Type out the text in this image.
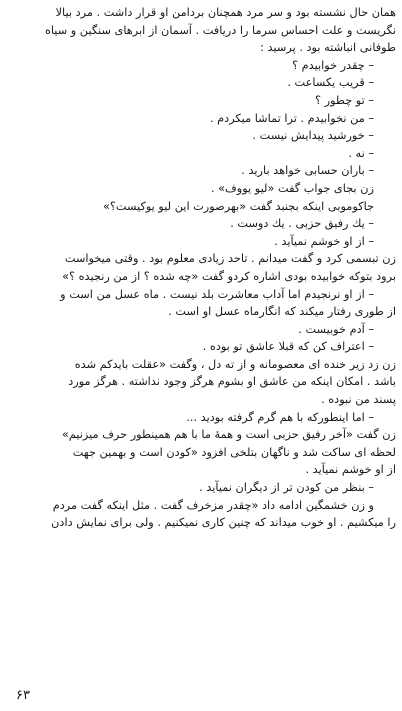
همان حال نشسته بود و سر مرد همچنان بردامن او قرار داشت . مرد بیالا
نگریست و علت احساس سرما را دریافت . آسمان از ابرهای سنگین و سیاه
طوفانی انباشته بود . پرسید :
– چقدر خوابیدم ؟
– قریب یکساعت .
– تو چطور ؟
– من نخوابیدم . ترا تماشا میکردم .
– خورشید پیدایش نیست .
– نه .
– باران حسابی خواهد بارید .
زن بجای جواب گفت «لیو یووف» .
جاکوموبی اینکه بجنبد گفت «بهرصورت این لیو یوکیست؟»
– یك رفیق حزبی . یك دوست .
– از او خوشم نمیآید .
زن تبسمی کرد و گفت میدانم . تاحد زیادی معلوم بود . وقتی میخواست
برود بتوکه خوابیده بودی اشاره کردو گفت «چه شده ؟ از من رنجیده ؟»
– از او نرنجیدم اما آداب معاشرت بلد نیست . ماه عسل من است و
از طوری رفتار میکند که انگارماه عسل او است .
– آدم خوبیست .
– اعتراف کن که قبلا عاشق تو بوده .
زن زد زیر خنده ای معصومانه و از ته دل ، وگفت «عقلت بایدکم شده
باشد . امکان اینکه من عاشق او بشوم هرگز وجود نداشته . هرگز مورد
پسند من نبوده .
– اما اینطورکه با هم گرم گرفته بودید ...
زن گفت «آخر رفیق حزبی است و همهٔ ما با هم همینطور حرف میزنیم»
لحظه ای ساکت شد و ناگهان بتلخی افزود «کودن است و بهمین جهت
از او خوشم نمیآید .
– بنظر من کودن تر از دیگران نمیآید .
و زن خشمگین ادامه داد «چقدر مزخرف گفت . مثل اینکه گفت مردم
را میکشیم . او خوب میداند که چنین کاری نمیکنیم . ولی برای نمایش دادن
۶۳
